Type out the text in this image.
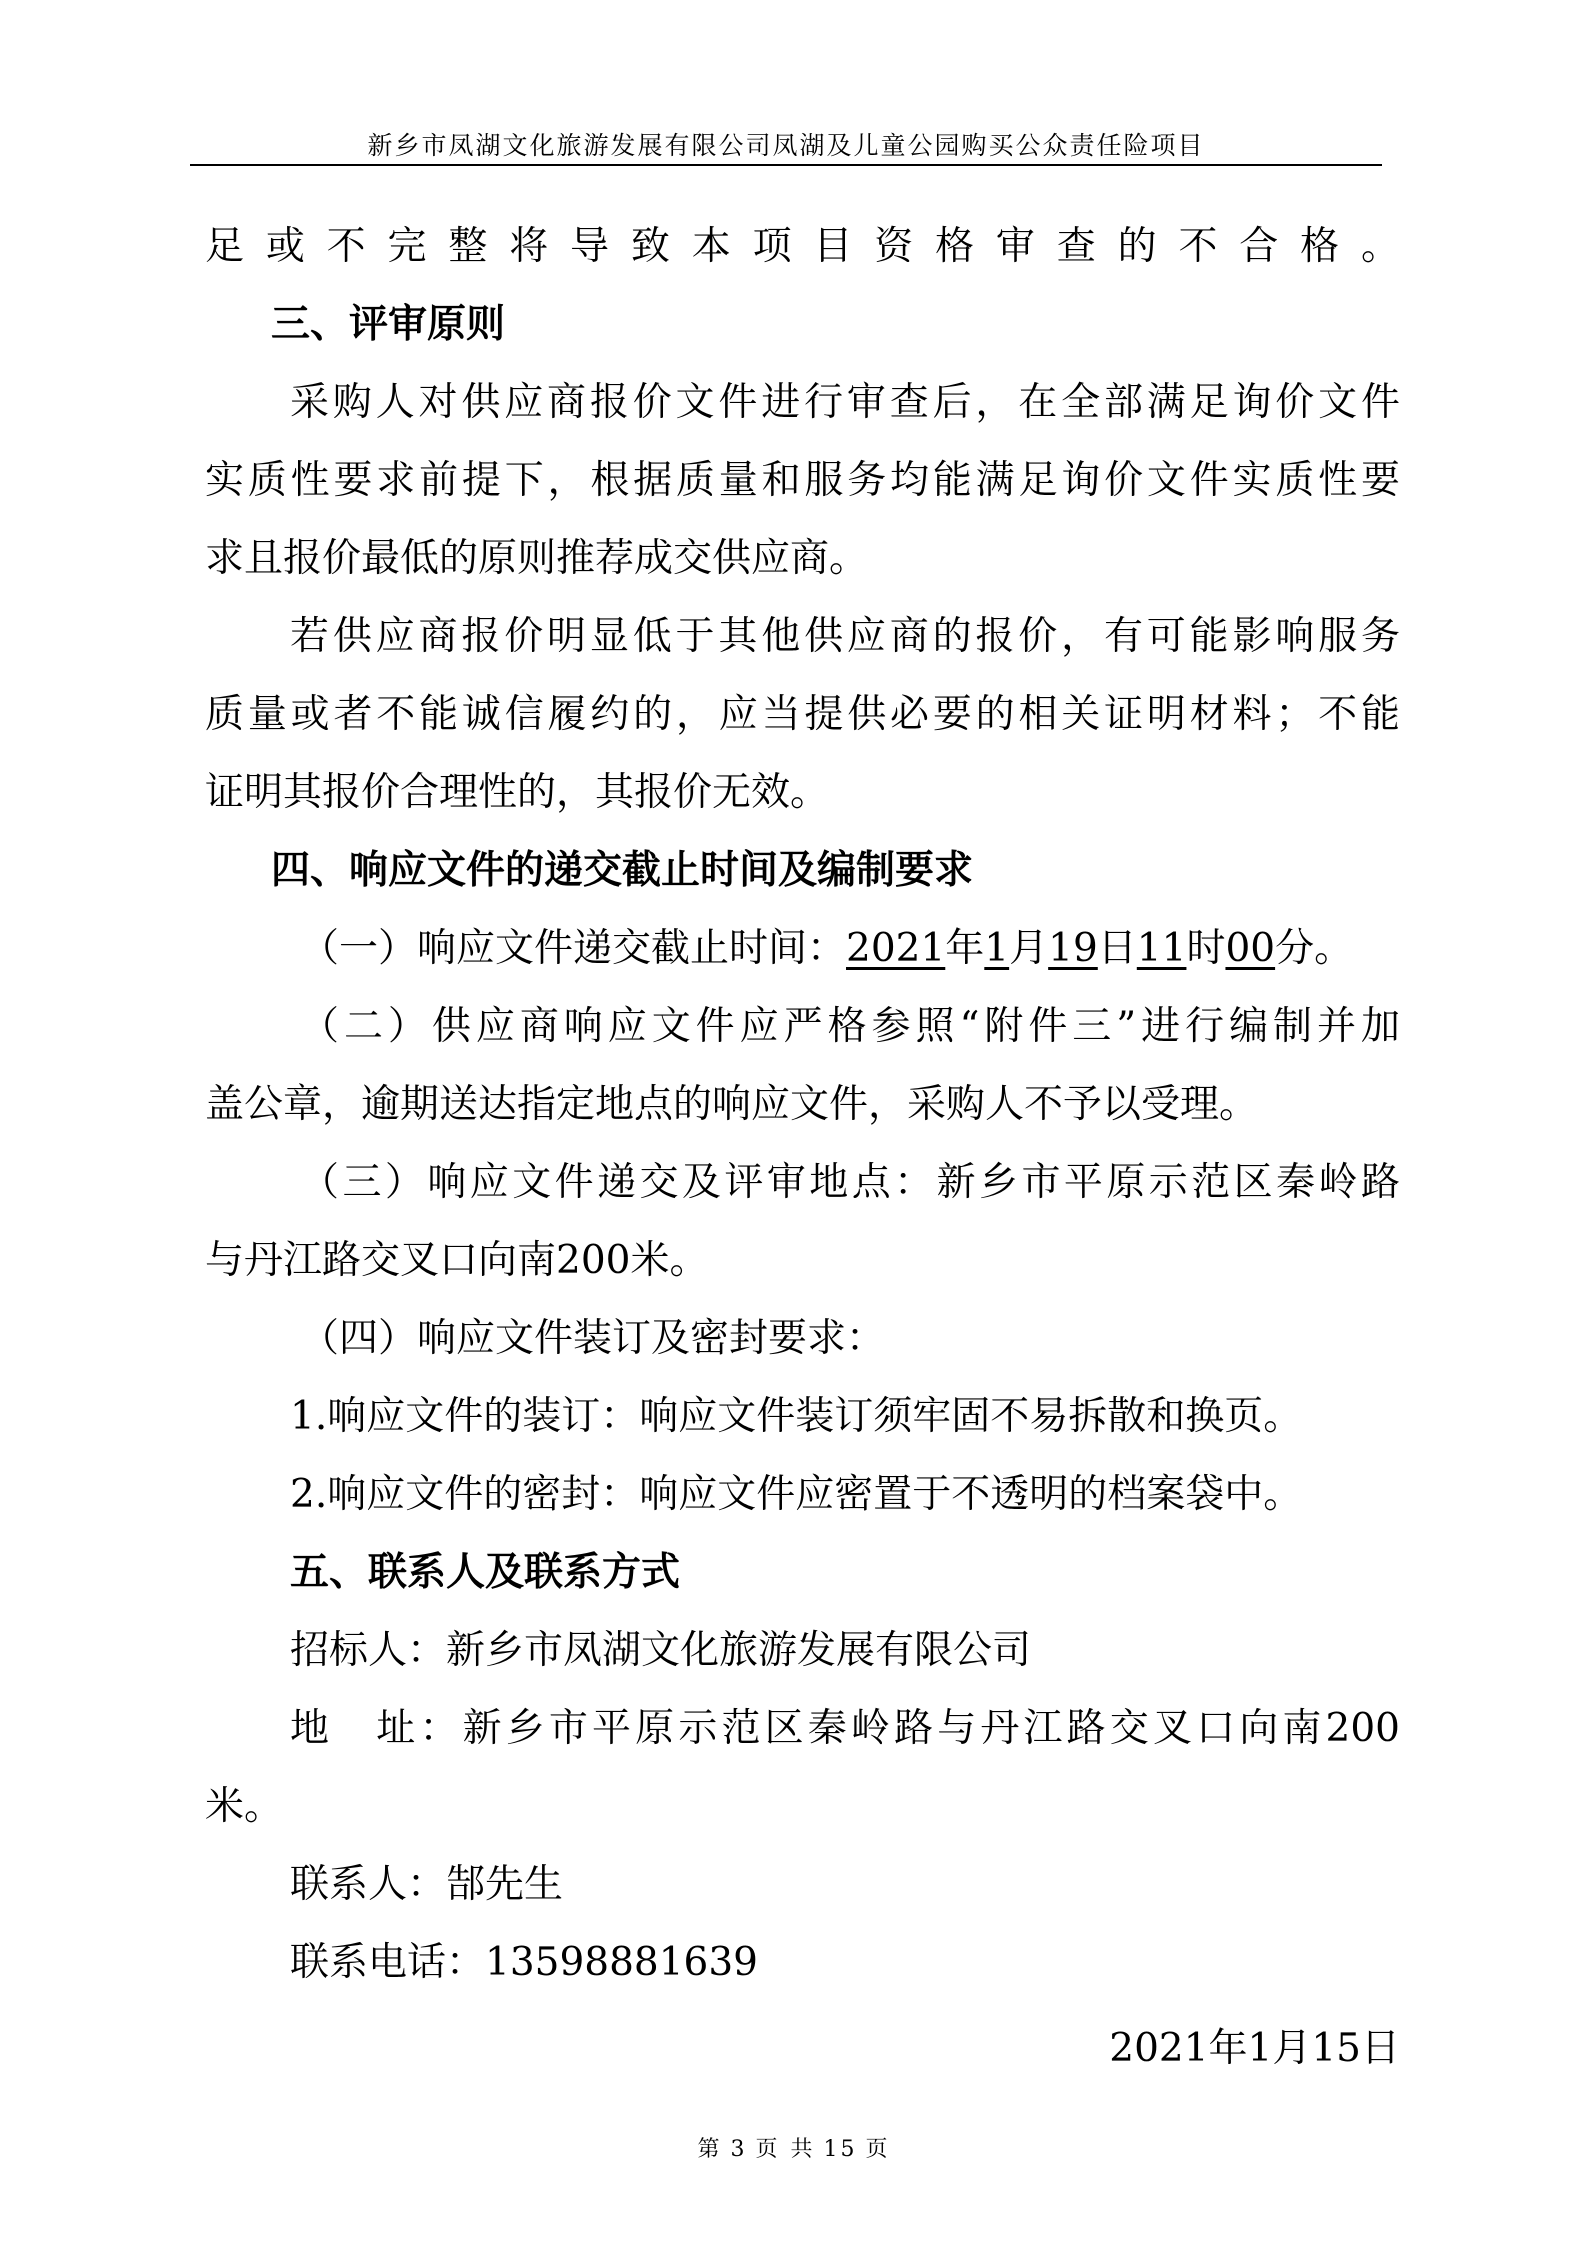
新乡市凤湖文化旅游发展有限公司凤湖及儿童公园购买公众责任险项目
足或不完整将导致本项目资格审查的不合格。
三、评审原则
采购人对供应商报价文件进行审查后，在全部满足询价文件
实质性要求前提下，根据质量和服务均能满足询价文件实质性要
求且报价最低的原则推荐成交供应商。
若供应商报价明显低于其他供应商的报价，有可能影响服务
质量或者不能诚信履约的，应当提供必要的相关证明材料；不能
证明其报价合理性的，其报价无效。
四、响应文件的递交截止时间及编制要求
（一）响应文件递交截止时间：2021年1月19日11时00分。
（二）供应商响应文件应严格参照“附件三”进行编制并加
盖公章，逾期送达指定地点的响应文件，采购人不予以受理。
（三）响应文件递交及评审地点：新乡市平原示范区秦岭路
与丹江路交叉口向南200米。
（四）响应文件装订及密封要求：
1.响应文件的装订：响应文件装订须牢固不易拆散和换页。
2.响应文件的密封：响应文件应密置于不透明的档案袋中。
五、联系人及联系方式
招标人：新乡市凤湖文化旅游发展有限公司
地　址：新乡市平原示范区秦岭路与丹江路交叉口向南200
米。
联系人：郜先生
联系电话：13598881639
2021年1月15日
第 3 页 共 15 页
